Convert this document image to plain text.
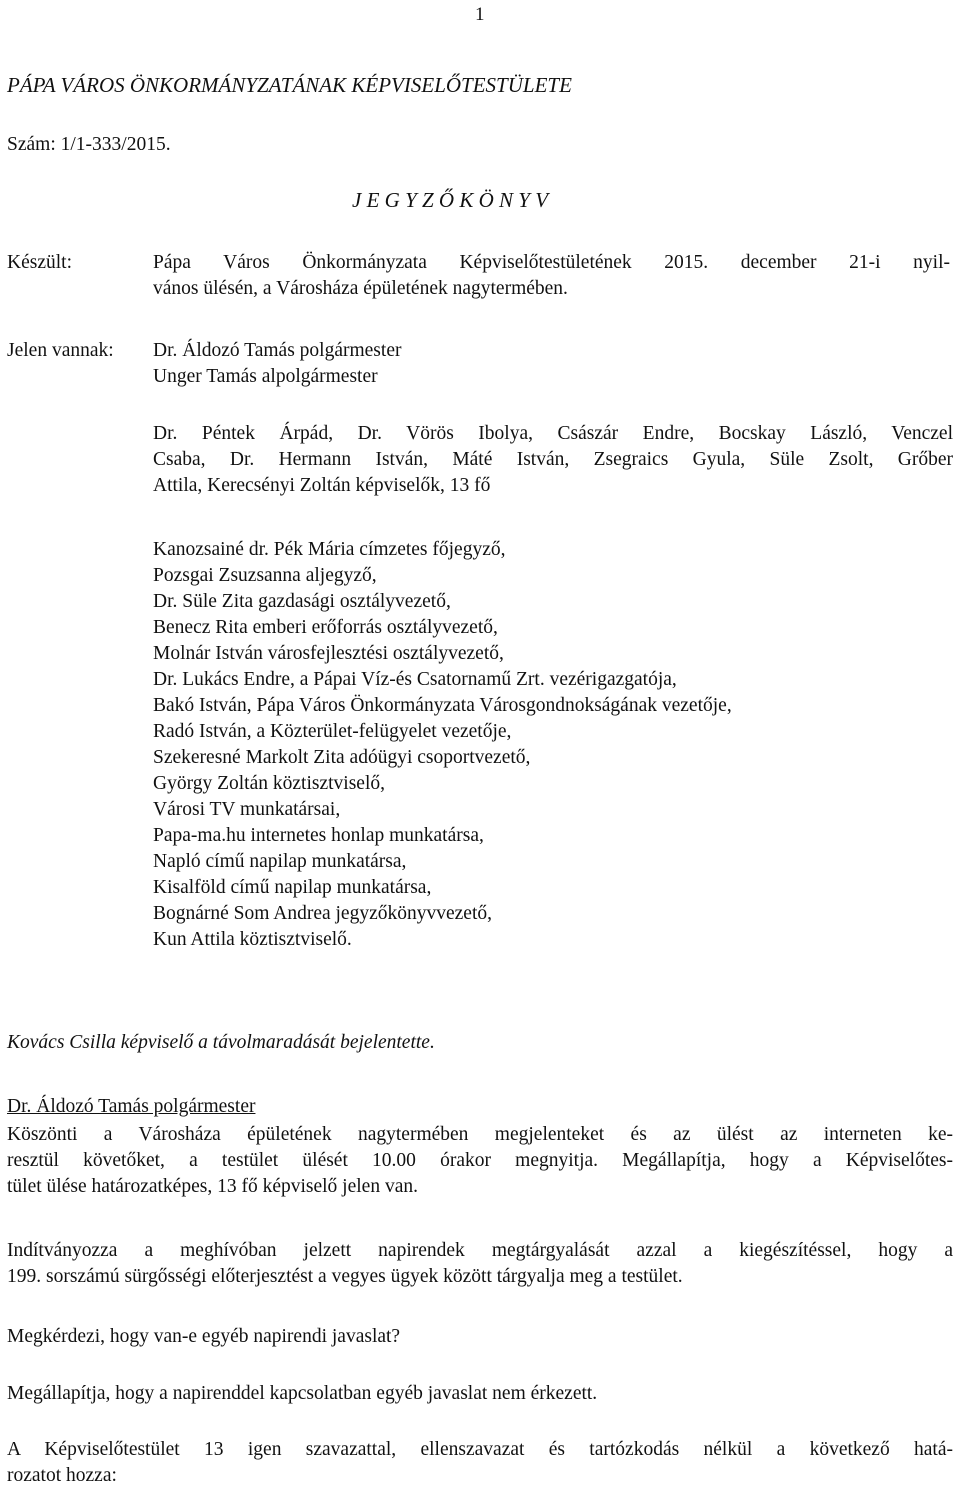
1
PÁPA VÁROS ÖNKORMÁNYZATÁNAK KÉPVISELŐTESTÜLETE
Szám: 1/1-333/2015.
J E G Y Z Ő K Ö N Y V
Készült:	Pápa Város Önkormányzata Képviselőtestületének 2015. december 21-i nyil-
vános ülésén, a Városháza épületének nagytermében.
Jelen vannak: Dr. Áldozó Tamás polgármester
Unger Tamás alpolgármester
Dr. Péntek Árpád, Dr. Vörös Ibolya, Császár Endre, Bocskay László, Venczel
Csaba, Dr. Hermann István, Máté István, Zsegraics Gyula, Süle Zsolt, Grőber
Attila, Kerecsényi Zoltán képviselők, 13 fő
Kanozsainé dr. Pék Mária címzetes főjegyző,
Pozsgai Zsuzsanna aljegyző,
Dr. Süle Zita gazdasági osztályvezető,
Benecz Rita emberi erőforrás osztályvezető,
Molnár István városfejlesztési osztályvezető,
Dr. Lukács Endre, a Pápai Víz-és Csatornamű Zrt. vezérigazgatója,
Bakó István, Pápa Város Önkormányzata Városgondnokságának vezetője,
Radó István, a Közterület-felügyelet vezetője,
Szekeresné Markolt Zita adóügyi csoportvezető,
György Zoltán köztisztviselő,
Városi TV munkatársai,
Papa-ma.hu internetes honlap munkatársa,
Napló című napilap munkatársa,
Kisalföld című napilap munkatársa,
Bognárné Som Andrea jegyzőkönyvvezető,
Kun Attila köztisztviselő.
Kovács Csilla képviselő a távolmaradását bejelentette.
Dr. Áldozó Tamás polgármester
Köszönti a Városháza épületének nagytermében megjelenteket és az ülést az interneten ke-
resztül követőket, a testület ülését 10.00 órakor megnyitja. Megállapítja, hogy a Képviselőtes-
tület ülése határozatképes, 13 fő képviselő jelen van.
Indítványozza a meghívóban jelzett napirendek megtárgyalását azzal a kiegészítéssel, hogy a
199. sorszámú sürgősségi előterjesztést a vegyes ügyek között tárgyalja meg a testület.
Megkérdezi, hogy van-e egyéb napirendi javaslat?
Megállapítja, hogy a napirenddel kapcsolatban egyéb javaslat nem érkezett.
A Képviselőtestület 13 igen szavazattal, ellenszavazat és tartózkodás nélkül a következő hatá-
rozatot hozza:
